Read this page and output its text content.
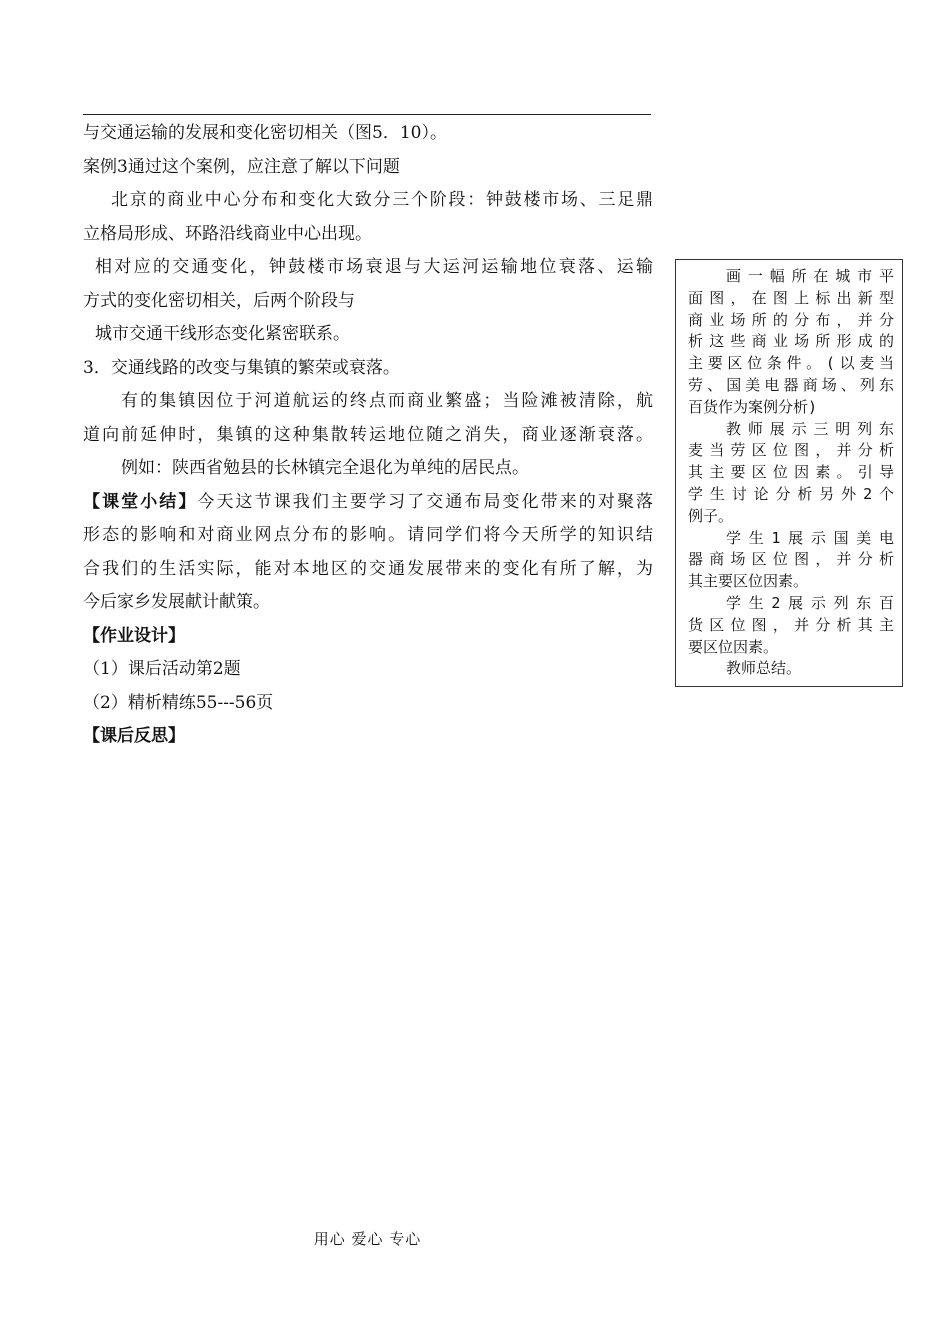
与交通运输的发展和变化密切相关（图5．10）。
案例3通过这个案例，应注意了解以下问题
北京的商业中心分布和变化大致分三个阶段：钟鼓楼市场、三足鼎
立格局形成、环路沿线商业中心出现。
相对应的交通变化，钟鼓楼市场衰退与大运河运输地位衰落、运输
方式的变化密切相关，后两个阶段与
城市交通干线形态变化紧密联系。
3．交通线路的改变与集镇的繁荣或衰落。
有的集镇因位于河道航运的终点而商业繁盛；当险滩被清除，航
道向前延伸时，集镇的这种集散转运地位随之消失，商业逐渐衰落。
例如：陕西省勉县的长林镇完全退化为单纯的居民点。
【课堂小结】今天这节课我们主要学习了交通布局变化带来的对聚落
形态的影响和对商业网点分布的影响。请同学们将今天所学的知识结
合我们的生活实际，能对本地区的交通发展带来的变化有所了解，为
今后家乡发展献计献策。
【作业设计】
（1）课后活动第2题
（2）精析精练55---56页
【课后反思】
画一幅所在城市平
面图，在图上标出新型
商业场所的分布，并分
析这些商业场所形成的
主要区位条件。(以麦当
劳、国美电器商场、列东
百货作为案例分析)
教师展示三明列东
麦当劳区位图，并分析
其主要区位因素。引导
学生讨论分析另外2个
例子。
学生1展示国美电
器商场区位图，并分析
其主要区位因素。
学生2展示列东百
货区位图，并分析其主
要区位因素。
教师总结。
用心 爱心 专心
